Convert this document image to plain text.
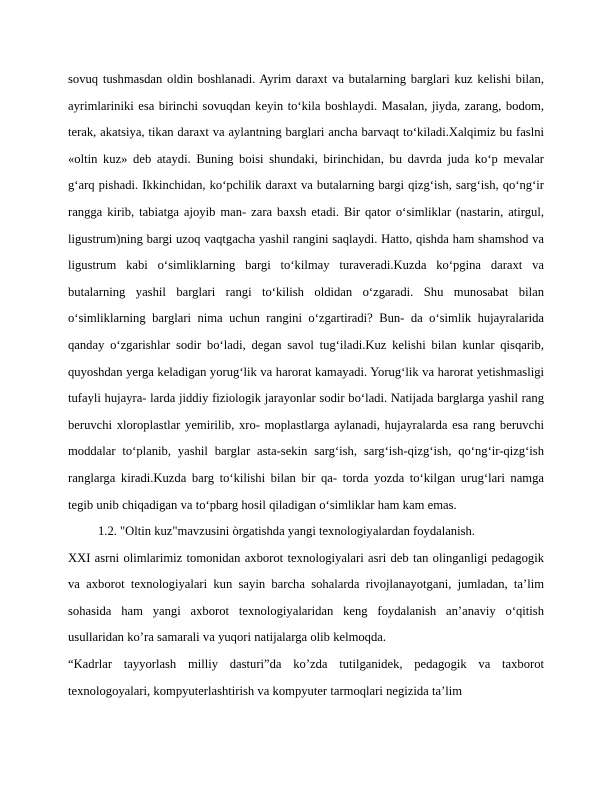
sovuq tushmasdan oldin boshlanadi. Ayrim daraxt va butalarning barglari kuz kelishi bilan, ayrimlariniki esa birinchi sovuqdan keyin to‘kila boshlaydi. Masalan, jiyda, zarang, bodom, terak, akatsiya, tikan daraxt va aylantning barglari ancha barvaqt to‘kiladi.Xalqimiz bu faslni «oltin kuz» deb ataydi. Buning boisi shundaki, birinchidan, bu davrda juda ko‘p mevalar g‘arq pishadi. Ikkinchidan, ko‘pchilik daraxt va butalarning bargi qizg‘ish, sarg‘ish, qo‘ng‘ir rangga kirib, tabiatga ajoyib man- zara baxsh etadi. Bir qator o‘simliklar (nastarin, atirgul, ligustrum)ning bargi uzoq vaqtgacha yashil rangini saqlaydi. Hatto, qishda ham shamshod va ligustrum kabi o‘simliklarning bargi to‘kilmay turaveradi.Kuzda ko‘pgina daraxt va butalarning yashil barglari rangi to‘kilish oldidan o‘zgaradi. Shu munosabat bilan o‘simliklarning barglari nima uchun rangini o‘zgartiradi? Bun- da o‘simlik hujayralarida qanday o‘zgarishlar sodir bo‘ladi, degan savol tug‘iladi.Kuz kelishi bilan kunlar qisqarib, quyoshdan yerga keladigan yorug‘lik va harorat kamayadi. Yorug‘lik va harorat yetishmasligi tufayli hujayra- larda jiddiy fiziologik jarayonlar sodir bo‘ladi. Natijada barglarga yashil rang beruvchi xloroplastlar yemirilib, xro- moplastlarga aylanadi, hujayralarda esa rang beruvchi moddalar to‘planib, yashil barglar asta-sekin sarg‘ish, sarg‘ish-qizg‘ish, qo‘ng‘ir-qizg‘ish ranglarga kiradi.Kuzda barg to‘kilishi bilan bir qa- torda yozda to‘kilgan urug‘lari namga tegib unib chiqadigan va to‘pbarg hosil qiladigan o‘simliklar ham kam emas.

1.2. "Oltin kuz"mavzusini òrgatishda yangi texnologiyalardan foydalanish.

XXI asrni olimlarimiz tomonidan axborot texnologiyalari asri deb tan olinganligi pedagogik va axborot texnologiyalari kun sayin barcha sohalarda rivojlanayotgani, jumladan, ta’lim sohasida ham yangi axborot texnologiyalaridan keng foydalanish an’anaviy o‘qitish usullaridan ko’ra samarali va yuqori natijalarga olib kelmoqda.

“Kadrlar tayyorlash milliy dasturi”da ko’zda tutilganidek, pedagogik va taxborot texnologoyalari, kompyuterlashtirish va kompyuter tarmoqlari negizida ta’lim
